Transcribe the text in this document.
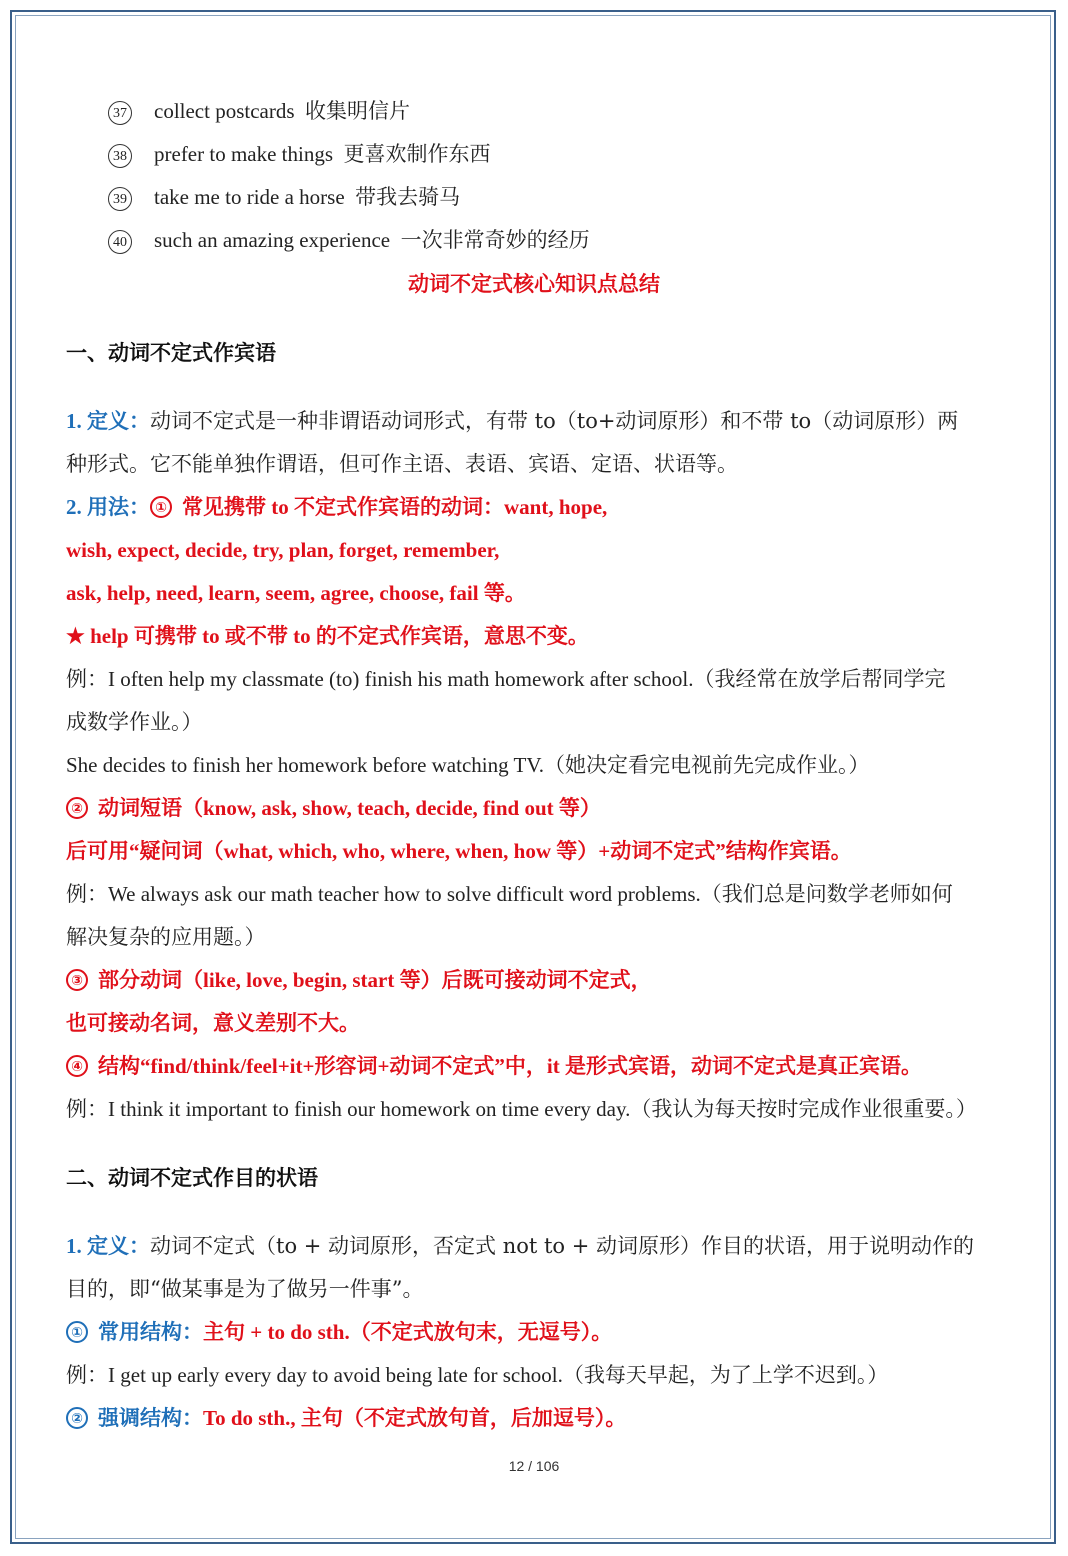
37 collect postcards 收集明信片
38 prefer to make things 更喜欢制作东西
39 take me to ride a horse 带我去骑马
40 such an amazing experience 一次非常奇妙的经历
动词不定式核心知识点总结
一、动词不定式作宾语
1. 定义：动词不定式是一种非谓语动词形式，有带 to（to+动词原形）和不带 to（动词原形）两
种形式。它不能单独作谓语，但可作主语、表语、宾语、定语、状语等。
2. 用法： ① 常见携带 to 不定式作宾语的动词：want, hope,
wish, expect, decide, try, plan, forget, remember,
ask, help, need, learn, seem, agree, choose, fail 等。
★ help 可携带 to 或不带 to 的不定式作宾语，意思不变。
例：I often help my classmate (to) finish his math homework after school.（我经常在放学后帮同学完
成数学作业。）
She decides to finish her homework before watching TV.（她决定看完电视前先完成作业。）
② 动词短语（know, ask, show, teach, decide, find out 等）
后可用“疑问词（what, which, who, where, when, how 等）+动词不定式”结构作宾语。
例：We always ask our math teacher how to solve difficult word problems.（我们总是问数学老师如何
解决复杂的应用题。）
③ 部分动词（like, love, begin, start 等）后既可接动词不定式，
也可接动名词，意义差别不大。
④ 结构“find/think/feel+it+形容词+动词不定式”中，it 是形式宾语，动词不定式是真正宾语。
例：I think it important to finish our homework on time every day.（我认为每天按时完成作业很重要。）
二、动词不定式作目的状语
1. 定义：动词不定式（to + 动词原形，否定式 not to + 动词原形）作目的状语，用于说明动作的
目的，即“做某事是为了做另一件事”。
① 常用结构：主句 + to do sth.（不定式放句末，无逗号）。
例：I get up early every day to avoid being late for school.（我每天早起，为了上学不迟到。）
② 强调结构：To do sth., 主句（不定式放句首，后加逗号）。
12 / 106
